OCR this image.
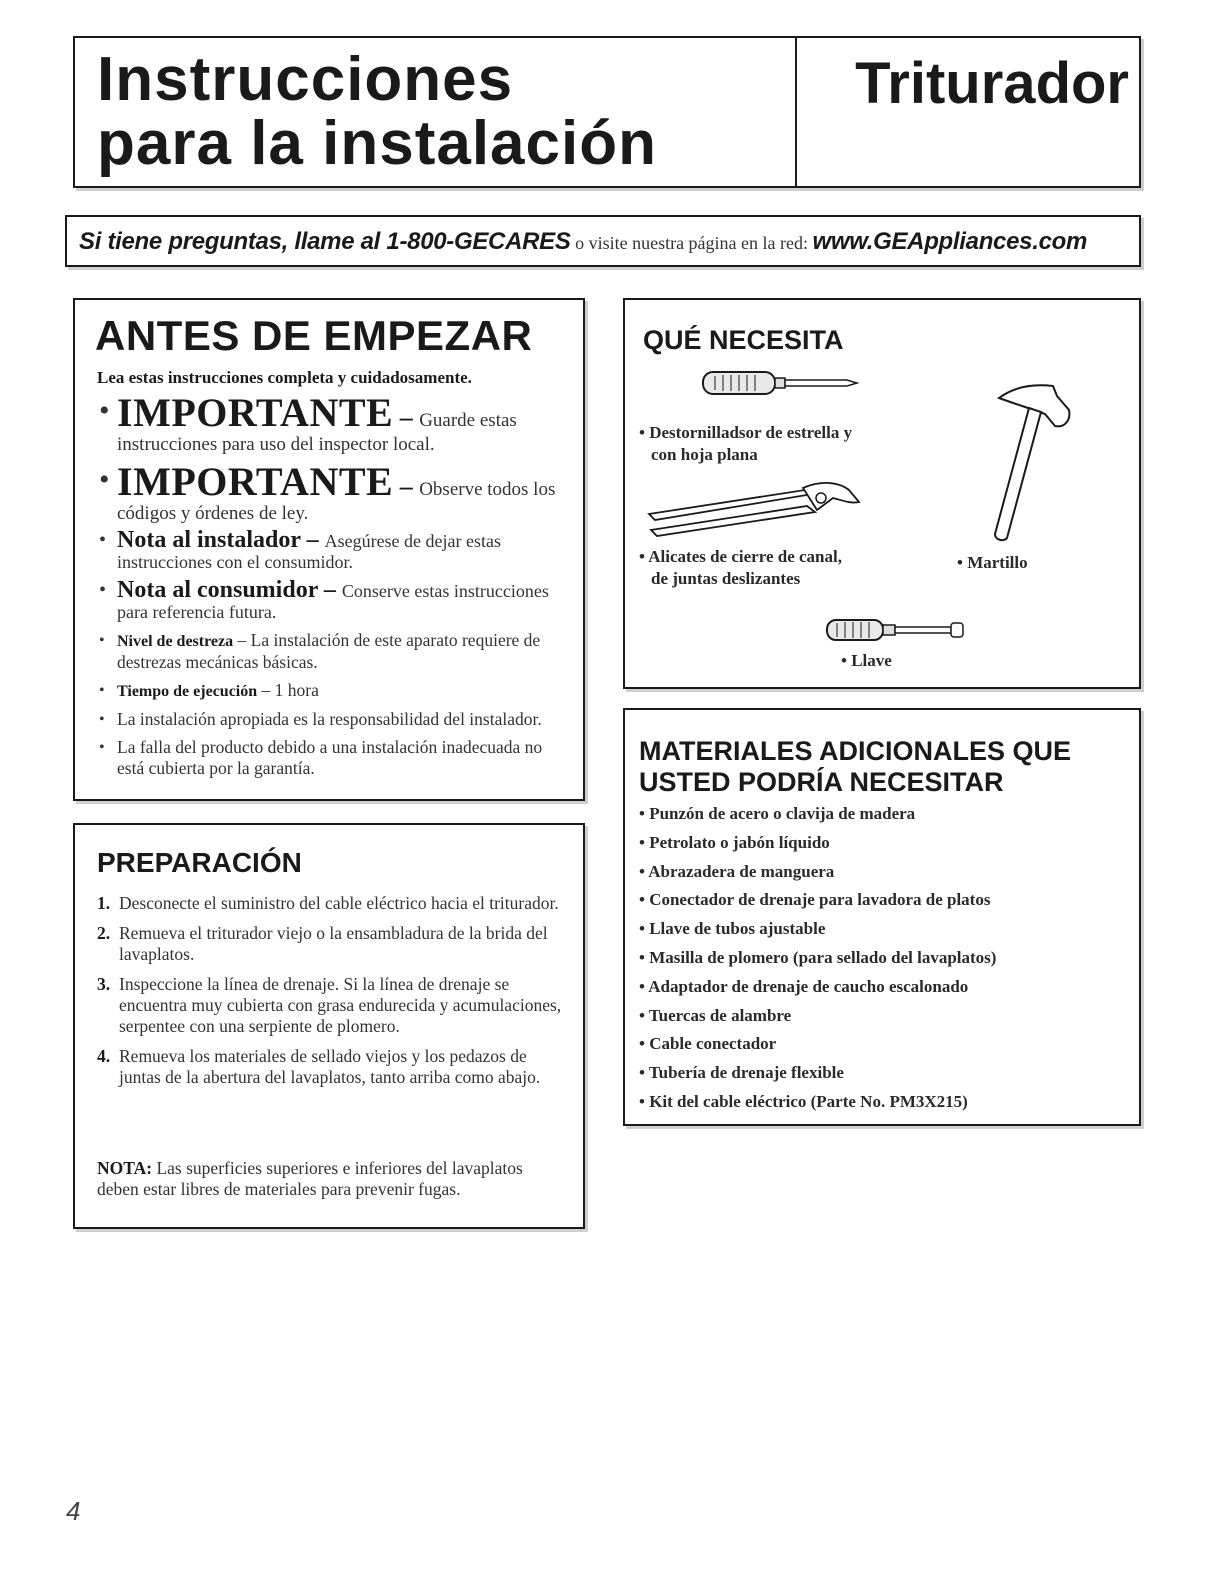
Instrucciones
para la instalación
Triturador
Si tiene preguntas, llame al 1-800-GECARES o visite nuestra página en la red: www.GEAppliances.com
ANTES DE EMPEZAR
Lea estas instrucciones completa y cuidadosamente.
• IMPORTANTE – Guarde estas instrucciones para uso del inspector local.
• IMPORTANTE – Observe todos los códigos y órdenes de ley.
• Nota al instalador – Asegúrese de dejar estas instrucciones con el consumidor.
• Nota al consumidor – Conserve estas instrucciones para referencia futura.
• Nivel de destreza – La instalación de este aparato requiere de destrezas mecánicas básicas.
• Tiempo de ejecución – 1 hora
• La instalación apropiada es la responsabilidad del instalador.
• La falla del producto debido a una instalación inadecuada no está cubierta por la garantía.
PREPARACIÓN
1. Desconecte el suministro del cable eléctrico hacia el triturador.
2. Remueva el triturador viejo o la ensambladura de la brida del lavaplatos.
3. Inspeccione la línea de drenaje. Si la línea de drenaje se encuentra muy cubierta con grasa endurecida y acumulaciones, serpentee con una serpiente de plomero.
4. Remueva los materiales de sellado viejos y los pedazos de juntas de la abertura del lavaplatos, tanto arriba como abajo.
NOTA: Las superficies superiores e inferiores del lavaplatos deben estar libres de materiales para prevenir fugas.
QUÉ NECESITA
• Destornilladsor de estrella y
con hoja plana
• Alicates de cierre de canal,
de juntas deslizantes
• Martillo
• Llave
MATERIALES ADICIONALES QUE USTED PODRÍA NECESITAR
• Punzón de acero o clavija de madera
• Petrolato o jabón líquido
• Abrazadera de manguera
• Conectador de drenaje para lavadora de platos
• Llave de tubos ajustable
• Masilla de plomero (para sellado del lavaplatos)
• Adaptador de drenaje de caucho escalonado
• Tuercas de alambre
• Cable conectador
• Tubería de drenaje flexible
• Kit del cable eléctrico (Parte No. PM3X215)
4
